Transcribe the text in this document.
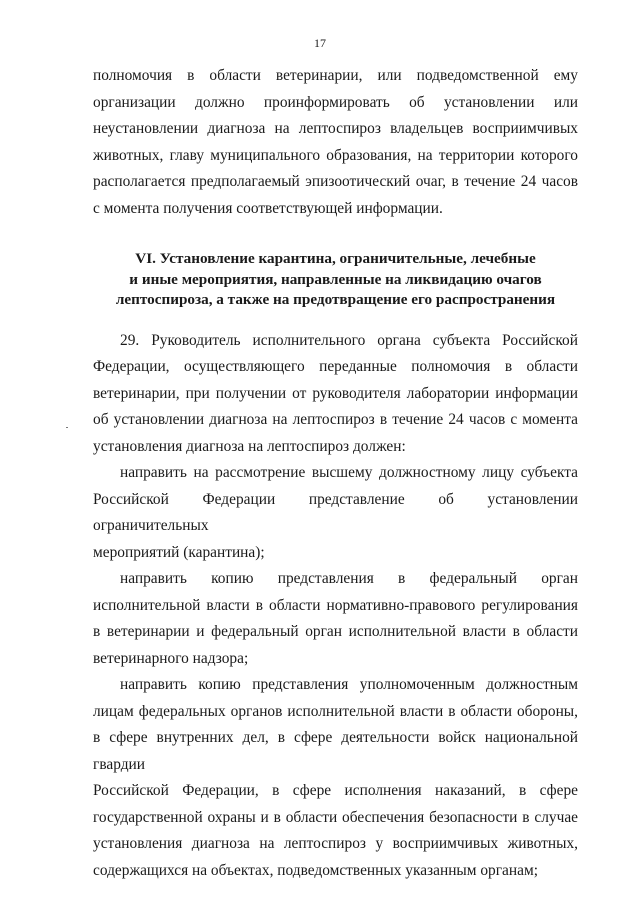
17
полномочия в области ветеринарии, или подведомственной ему
организации должно проинформировать об установлении или
неустановлении диагноза на лептоспироз владельцев восприимчивых
животных, главу муниципального образования, на территории которого
располагается предполагаемый эпизоотический очаг, в течение 24 часов
с момента получения соответствующей информации.
VI. Установление карантина, ограничительные, лечебные
и иные мероприятия, направленные на ликвидацию очагов
лептоспироза, а также на предотвращение его распространения
29. Руководитель исполнительного органа субъекта Российской
Федерации, осуществляющего переданные полномочия в области
ветеринарии, при получении от руководителя лаборатории информации
об установлении диагноза на лептоспироз в течение 24 часов с момента
установления диагноза на лептоспироз должен:
направить на рассмотрение высшему должностному лицу субъекта
Российской Федерации представление об установлении ограничительных
мероприятий (карантина);
направить копию представления в федеральный орган
исполнительной власти в области нормативно-правового регулирования
в ветеринарии и федеральный орган исполнительной власти в области
ветеринарного надзора;
направить копию представления уполномоченным должностным
лицам федеральных органов исполнительной власти в области обороны,
в сфере внутренних дел, в сфере деятельности войск национальной гвардии
Российской Федерации, в сфере исполнения наказаний, в сфере
государственной охраны и в области обеспечения безопасности в случае
установления диагноза на лептоспироз у восприимчивых животных,
содержащихся на объектах, подведомственных указанным органам;
